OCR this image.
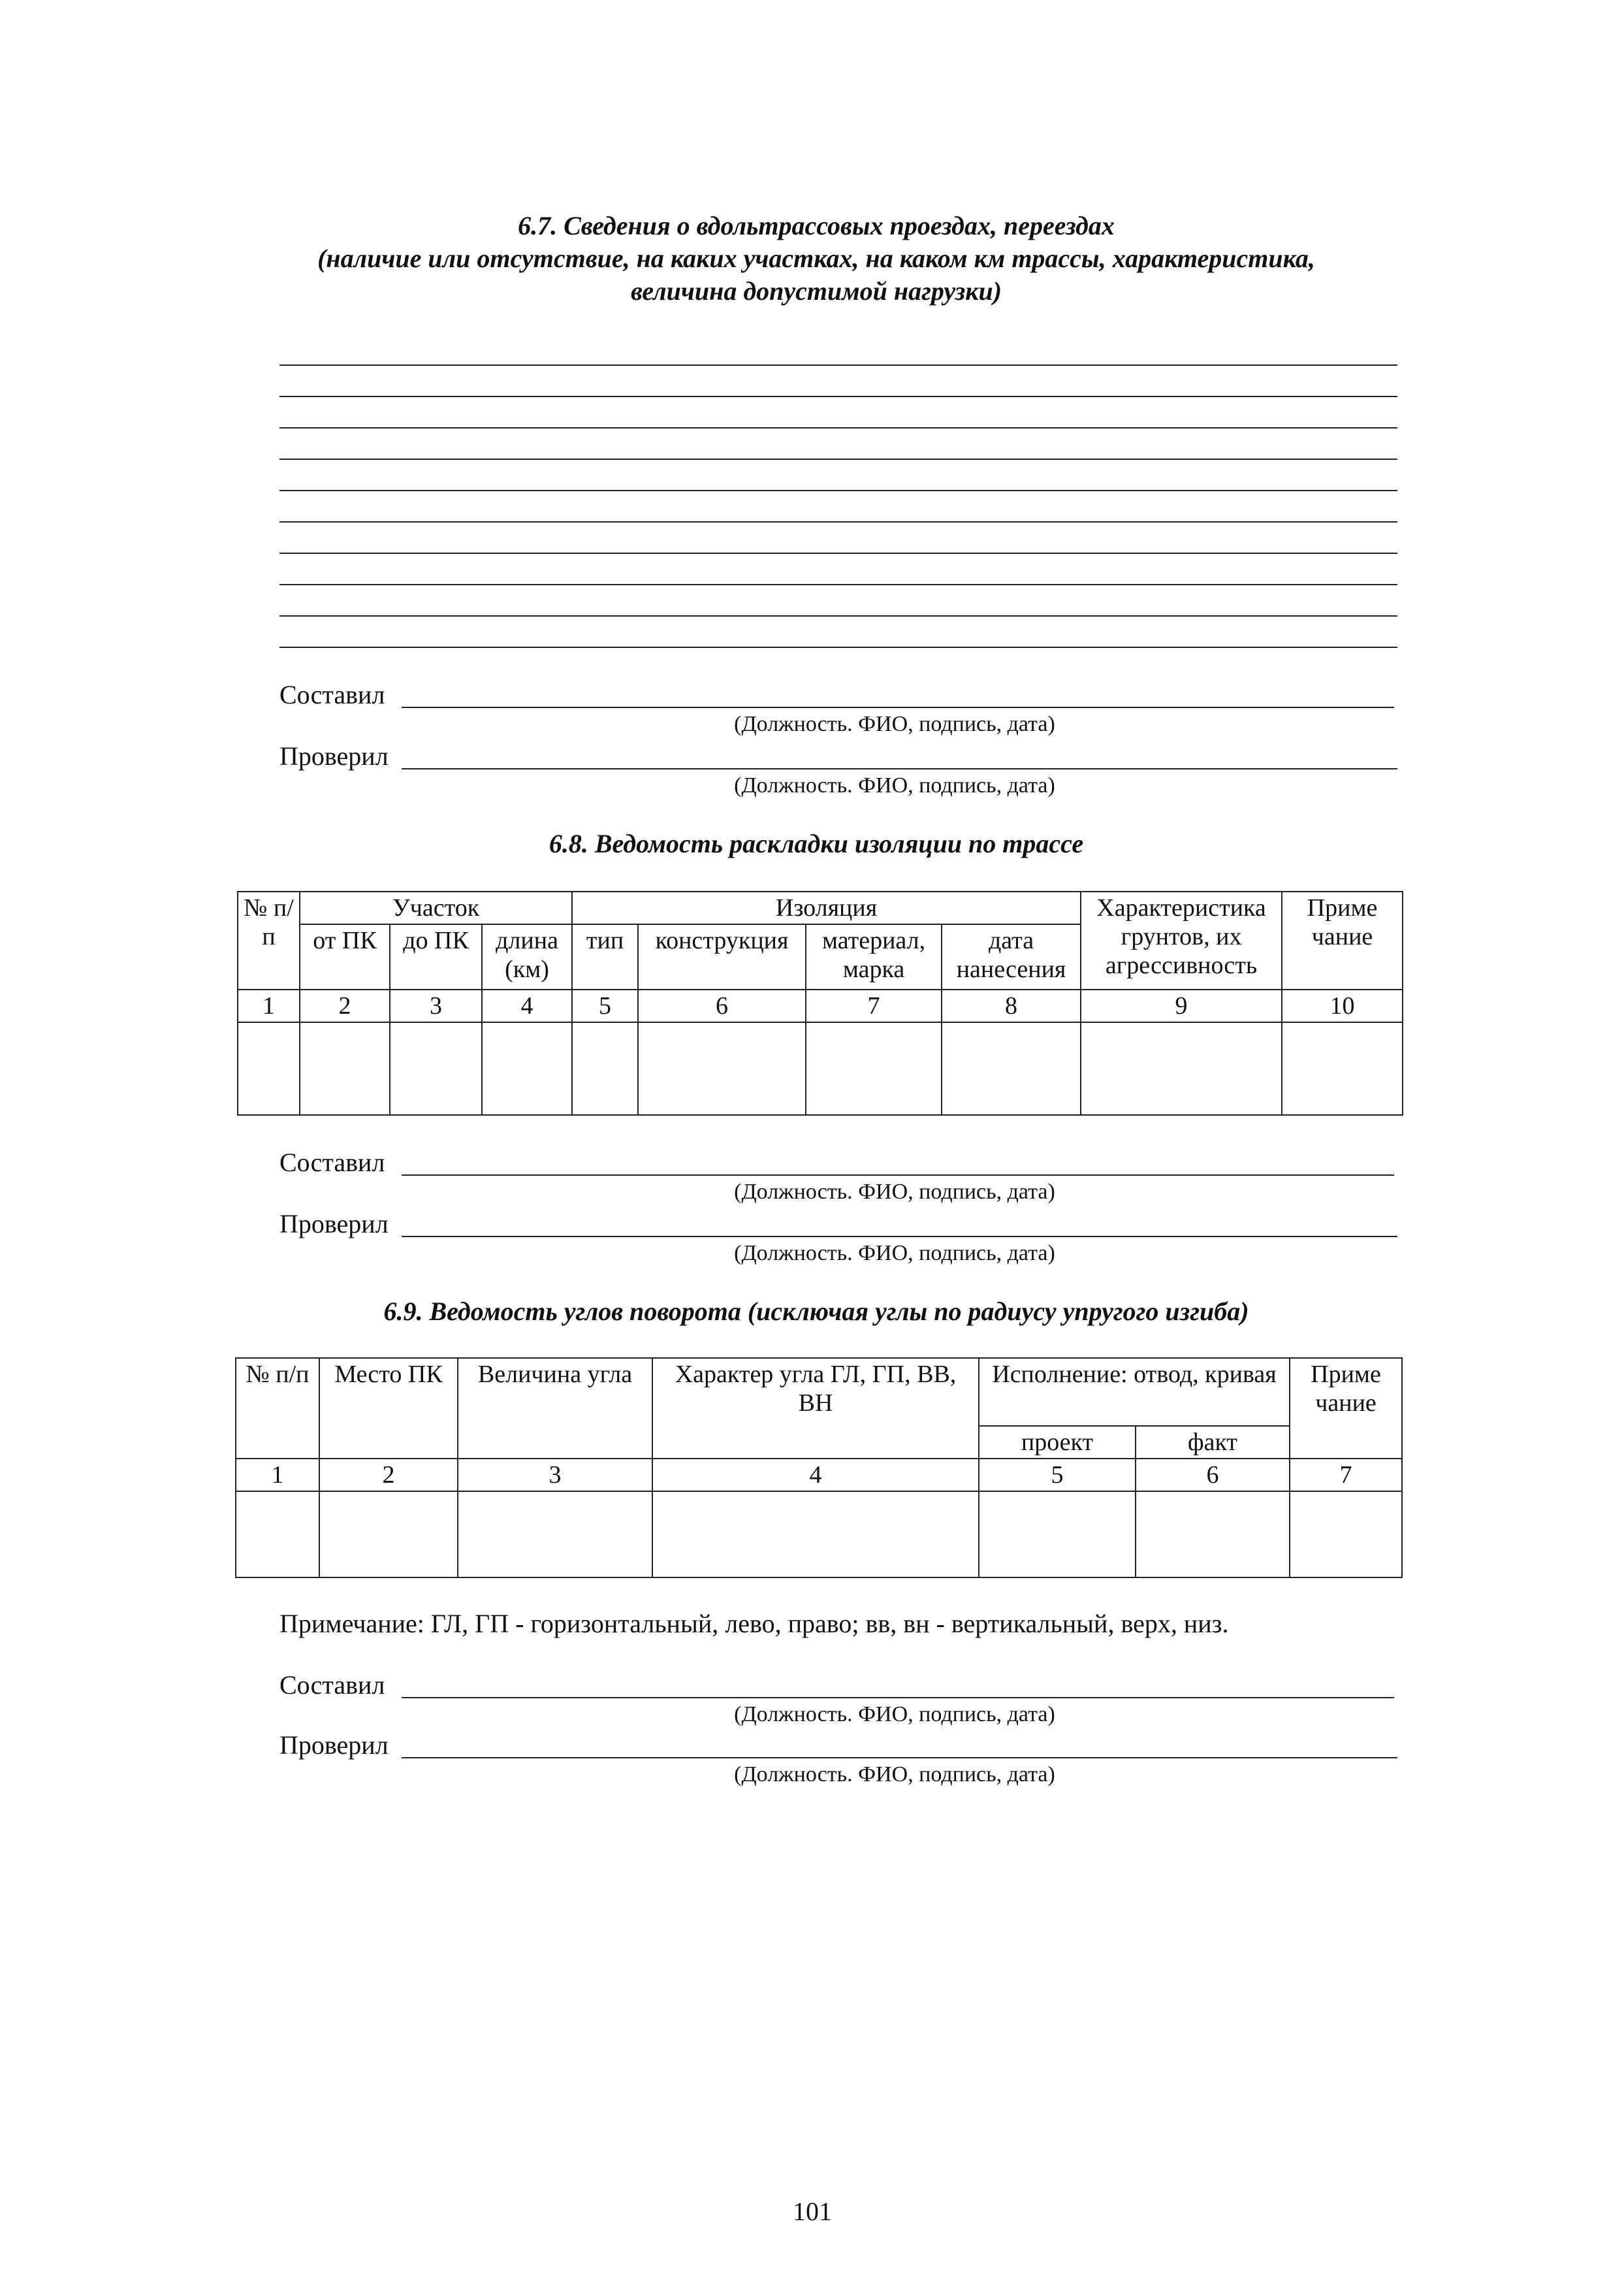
6.7. Сведения о вдольтрассовых проездах, переездах
(наличие или отсутствие, на каких участках, на каком км трассы, характеристика,
величина допустимой нагрузки)
Составил
(Должность. ФИО, подпись, дата)
Проверил
(Должность. ФИО, подпись, дата)
6.8. Ведомость раскладки изоляции по трассе
№ п/п	Участок			Изоляция				Характеристика грунтов, их агрессивность	Приме чание
	от ПК	до ПК	длина (км)	тип	конструкция	материал, марка	дата нанесения		
1	2	3	4	5	6	7	8	9	10

Составил
(Должность. ФИО, подпись, дата)
Проверил
(Должность. ФИО, подпись, дата)
6.9. Ведомость углов поворота (исключая углы по радиусу упругого изгиба)
№ п/п	Место ПК	Величина угла	Характер угла ГЛ, ГП, ВВ, ВН	Исполнение: отвод, кривая		Приме чание
				проект	факт	
1	2	3	4	5	6	7

Примечание: ГЛ, ГП - горизонтальный, лево, право; вв, вн - вертикальный, верх, низ.
Составил
(Должность. ФИО, подпись, дата)
Проверил
(Должность. ФИО, подпись, дата)
101
